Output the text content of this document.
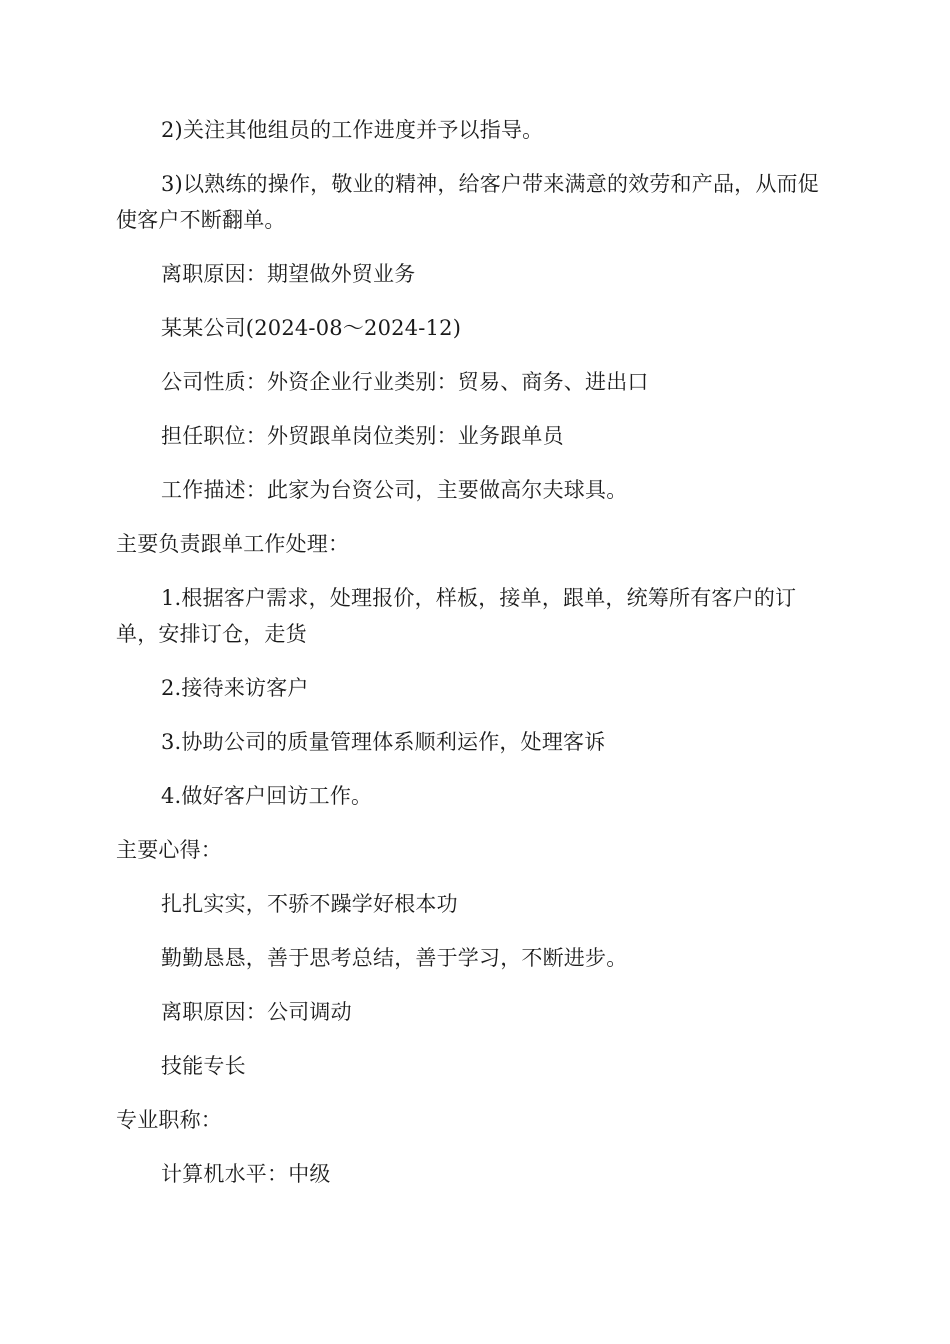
2)关注其他组员的工作进度并予以指导。

3)以熟练的操作，敬业的精神，给客户带来满意的效劳和产品，从而促使客户不断翻单。

离职原因：期望做外贸业务

某某公司(2024-08～2024-12)

公司性质：外资企业行业类别：贸易、商务、进出口

担任职位：外贸跟单岗位类别：业务跟单员

工作描述：此家为台资公司，主要做高尔夫球具。

主要负责跟单工作处理：

1.根据客户需求，处理报价，样板，接单，跟单，统筹所有客户的订单，安排订仓，走货

2.接待来访客户

3.协助公司的质量管理体系顺利运作，处理客诉

4.做好客户回访工作。

主要心得：

扎扎实实，不骄不躁学好根本功

勤勤恳恳，善于思考总结，善于学习，不断进步。

离职原因：公司调动

技能专长

专业职称：

计算机水平：中级
